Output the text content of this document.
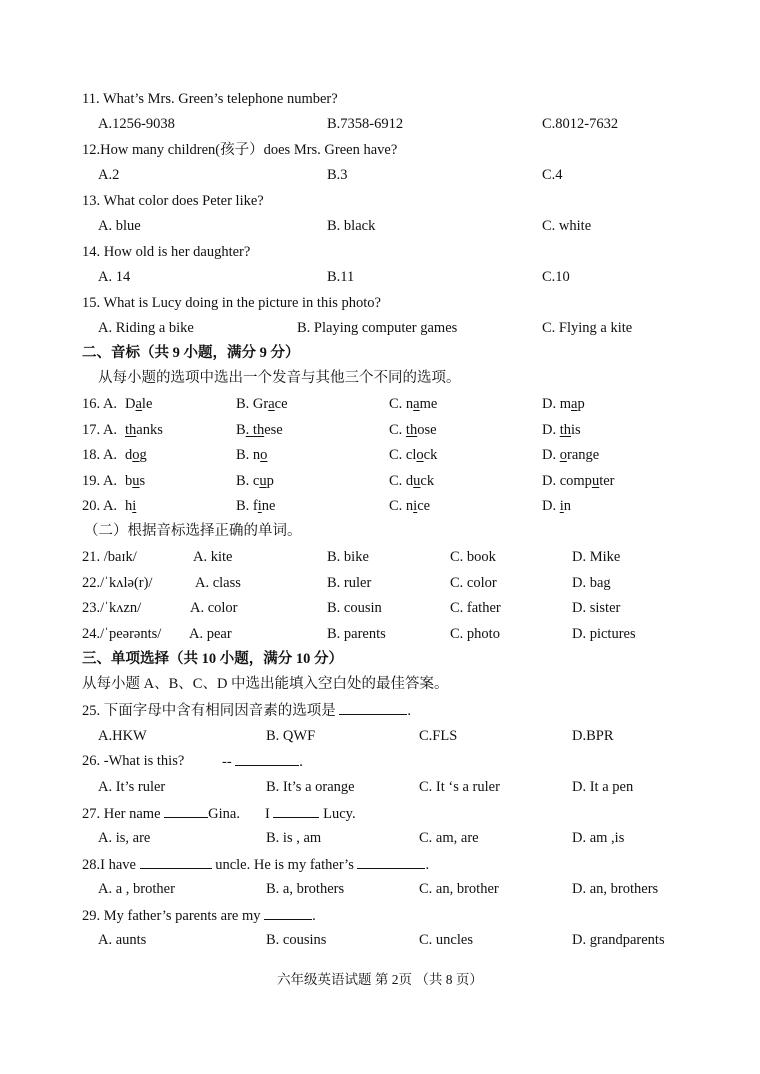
11. What’s Mrs. Green’s telephone number?
A.1256-9038	B.7358-6912	C.8012-7632
12.How many children(孩子）does Mrs. Green have?
A.2	B.3	C.4
13. What color does Peter like?
A. blue	B. black	C. white
14. How old is her daughter?
A. 14	B.11	C.10
15. What is Lucy doing in the picture in this photo?
A. Riding a bike	B. Playing computer games	C. Flying a kite
二、音标（共 9 小题，满分 9 分）
从每小题的选项中选出一个发音与其他三个不同的选项。
16. A. Dale	B. Grace	C. name	D. map
17. A. thanks	B. these	C. those	D. this
18. A. dog	B. no	C. clock	D. orange
19. A. bus	B. cup	C. duck	D. computer
20. A. hi	B. fine	C. nice	D. in
（二）根据音标选择正确的单词。
21. /baɪk/	A. kite	B. bike	C. book	D. Mike
22./ˈkʌlə(r)/	A. class	B. ruler	C. color	D. bag
23./ˈkʌzn/	A. color	B. cousin	C. father	D. sister
24./ˈpeərənts/ A. pear	B. parents	C. photo	D. pictures
三、单项选择（共 10 小题，满分 10 分）
从每小题 A、B、C、D 中选出能填入空白处的最佳答案。
25. 下面字母中含有相同因音素的选项是	.
A.HKW	B. QWF	C.FLS	D.BPR
26. -What is this?	--	.
A. It’s ruler	B. It’s a orange	C. It ‘s a ruler	D. It a pen
27. Her name	Gina. I	Lucy.
A. is, are	B. is , am	C. am, are	D. am ,is
28.I have	uncle. He is my father’s	.
A. a , brother	B. a, brothers	C. an, brother	D. an, brothers
29. My father’s parents are my	.
A. aunts	B. cousins	C. uncles	D. grandparents
六年级英语试题 第 2页 （共 8 页）
